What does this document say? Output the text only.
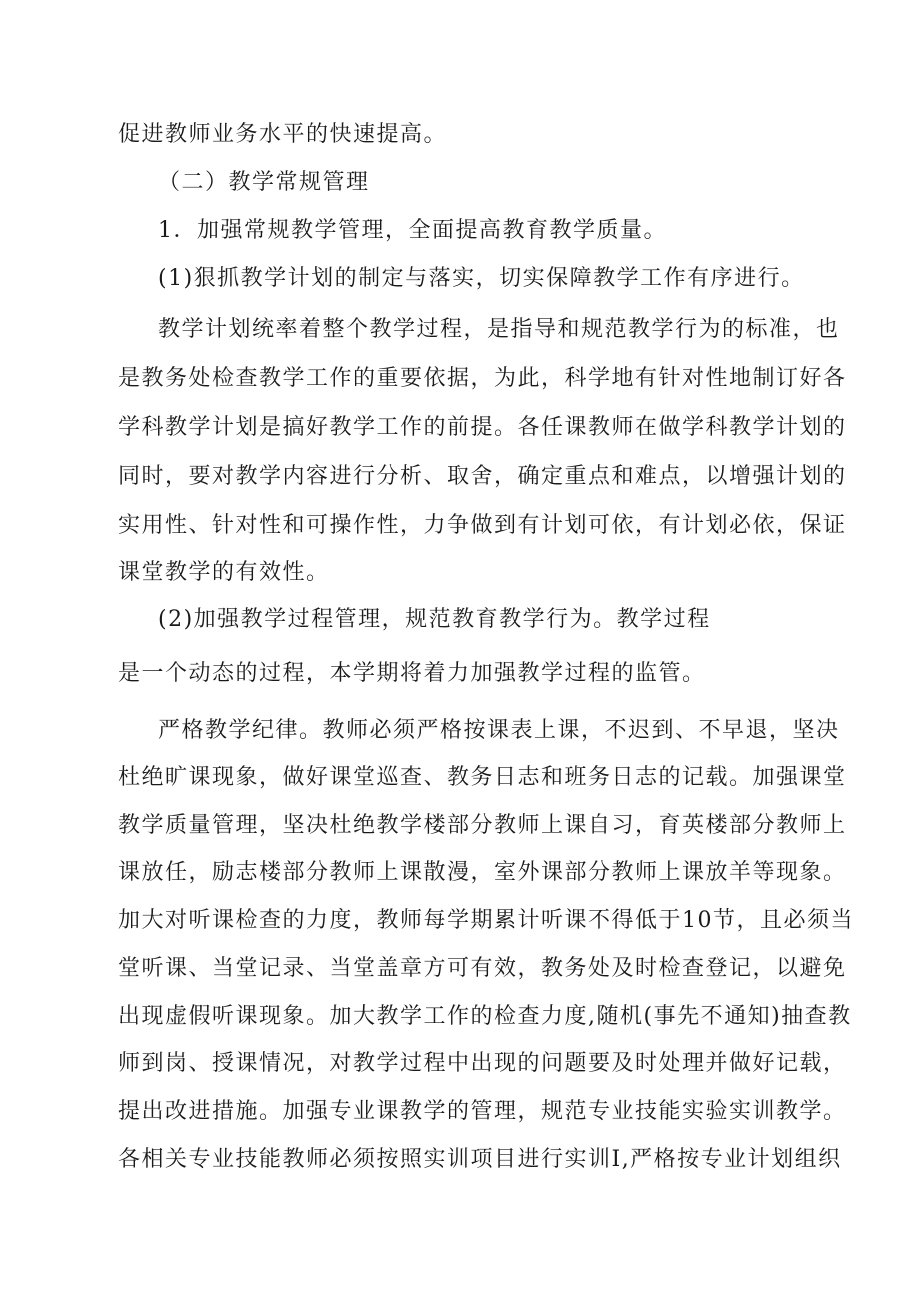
促进教师业务水平的快速提高。
（二）教学常规管理
1．加强常规教学管理，全面提高教育教学质量。
(1)狠抓教学计划的制定与落实，切实保障教学工作有序进行。
教学计划统率着整个教学过程，是指导和规范教学行为的标准，也
是教务处检查教学工作的重要依据，为此，科学地有针对性地制订好各
学科教学计划是搞好教学工作的前提。各任课教师在做学科教学计划的
同时，要对教学内容进行分析、取舍，确定重点和难点，以增强计划的
实用性、针对性和可操作性，力争做到有计划可依，有计划必依，保证
课堂教学的有效性。
(2)加强教学过程管理，规范教育教学行为。教学过程
是一个动态的过程，本学期将着力加强教学过程的监管。
严格教学纪律。教师必须严格按课表上课，不迟到、不早退，坚决
杜绝旷课现象，做好课堂巡查、教务日志和班务日志的记载。加强课堂
教学质量管理，坚决杜绝教学楼部分教师上课自习，育英楼部分教师上
课放任，励志楼部分教师上课散漫，室外课部分教师上课放羊等现象。
加大对听课检查的力度，教师每学期累计听课不得低于10节，且必须当
堂听课、当堂记录、当堂盖章方可有效，教务处及时检查登记，以避免
出现虚假听课现象。加大教学工作的检查力度,随机(事先不通知)抽查教
师到岗、授课情况，对教学过程中出现的问题要及时处理并做好记载，
提出改进措施。加强专业课教学的管理，规范专业技能实验实训教学。
各相关专业技能教师必须按照实训项目进行实训Ⅰ,严格按专业计划组织
